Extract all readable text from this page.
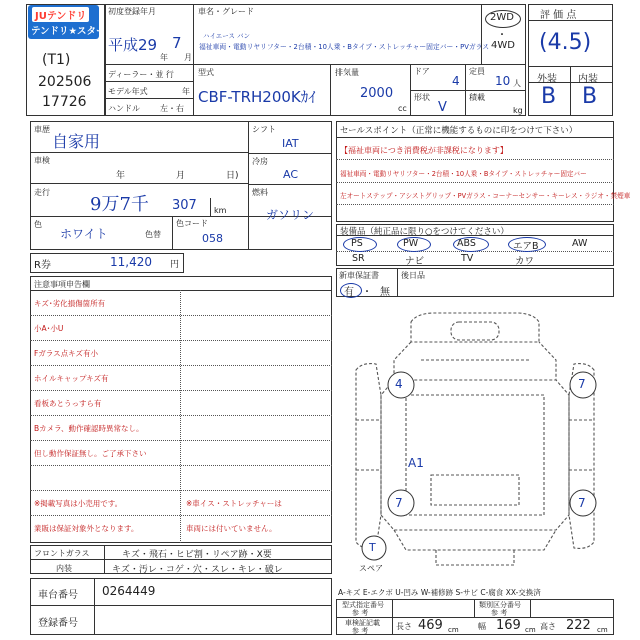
JUテンドリ
テンドリ★スター
(T1)
202506
17726
初度登録年月
平成29
年
7
月
車名・グレード
ハイエース バン
福祉車両・電動リヤリフター・2台積・10人乗・Bタイプ・ストレッチャー固定バー・PVガラス
2WD
・
4WD
ディーラー・並 行
モデル年式	年
ハンドル	左・右
型式
CBF-TRH200Kｶｲ
排気量
2000
cc
ドア
4
形状
V
定員
10 人
積載
kg
評 価 点
(4.5)
外装 内装
B B
車歴
自家用
車検
年	月	日)
走行
9万7千 307 km
色
ホワイト	色替
色コード
058
シフト
IAT
冷房
AC
燃料
ガソリン
R券	11,420 円
セールスポイント（正常に機能するものに印をつけて下さい）
【福祉車両につき消費税が非課税になります】
福祉車両・電動リヤリフター・2台積・10人乗・Bタイプ・ストレッチャー固定バー
左オートステップ・アシストグリップ・PVガラス・コーナーセンサー・キーレス・ラジオ・禁煙車
装備品（純正品に限り○をつけてください）
PS	PW	ABS	エアB	AW
SR	ナビ	TV	カワ
新車保証書
有 ・ 無
後日品
注意事項申告欄
キズ･劣化損傷箇所有
小A･小U
Fガラス点キズ有小
ホイルキャップキズ有
看板あとうっすら有
Bカメラ、動作確認時異常なし。
但し動作保証無し。ご了承下さい
※掲載写真は小売用です。	※車イス・ストレッチャーは
業販は保証対象外となります。	車両には付いていません。
フロントガラス	キズ・飛石・ヒビ割・リペア跡・X要
内装	キズ・汚レ・コゲ・穴・スレ・キレ・破レ
車台番号 0264449
登録番号
4	7
A1
7	7
T
スペア
A-キズ E-エクボ U-凹み W-補修跡 S-サビ C-腐食 XX-交換済
型式指定番号
参 考
類別区分番号
参 考
車検証記載
参 考	長さ 469 cm 幅 169 cm 高さ 222 cm
